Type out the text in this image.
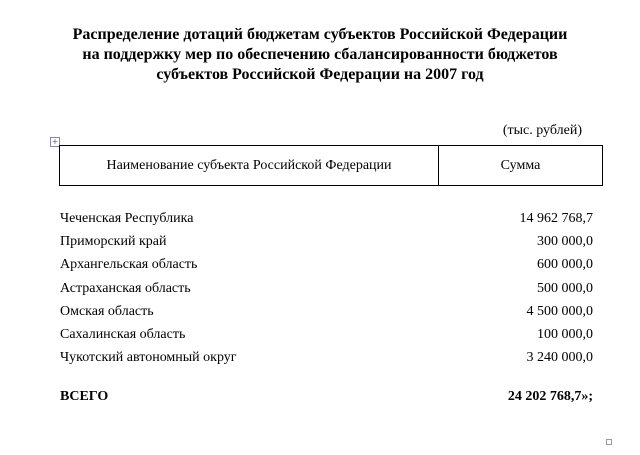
Распределение дотаций бюджетам субъектов Российской Федерации
на поддержку мер по обеспечению сбалансированности бюджетов
субъектов Российской Федерации на 2007 год
+
(тыс. рублей)
Наименование субъекта Российской Федерации	Сумма
Чеченская Республика	14 962 768,7
Приморский край	300 000,0
Архангельская область	600 000,0
Астраханская область	500 000,0
Омская область	4 500 000,0
Сахалинская область	100 000,0
Чукотский автономный округ	3 240 000,0
ВСЕГО	24 202 768,7»;
